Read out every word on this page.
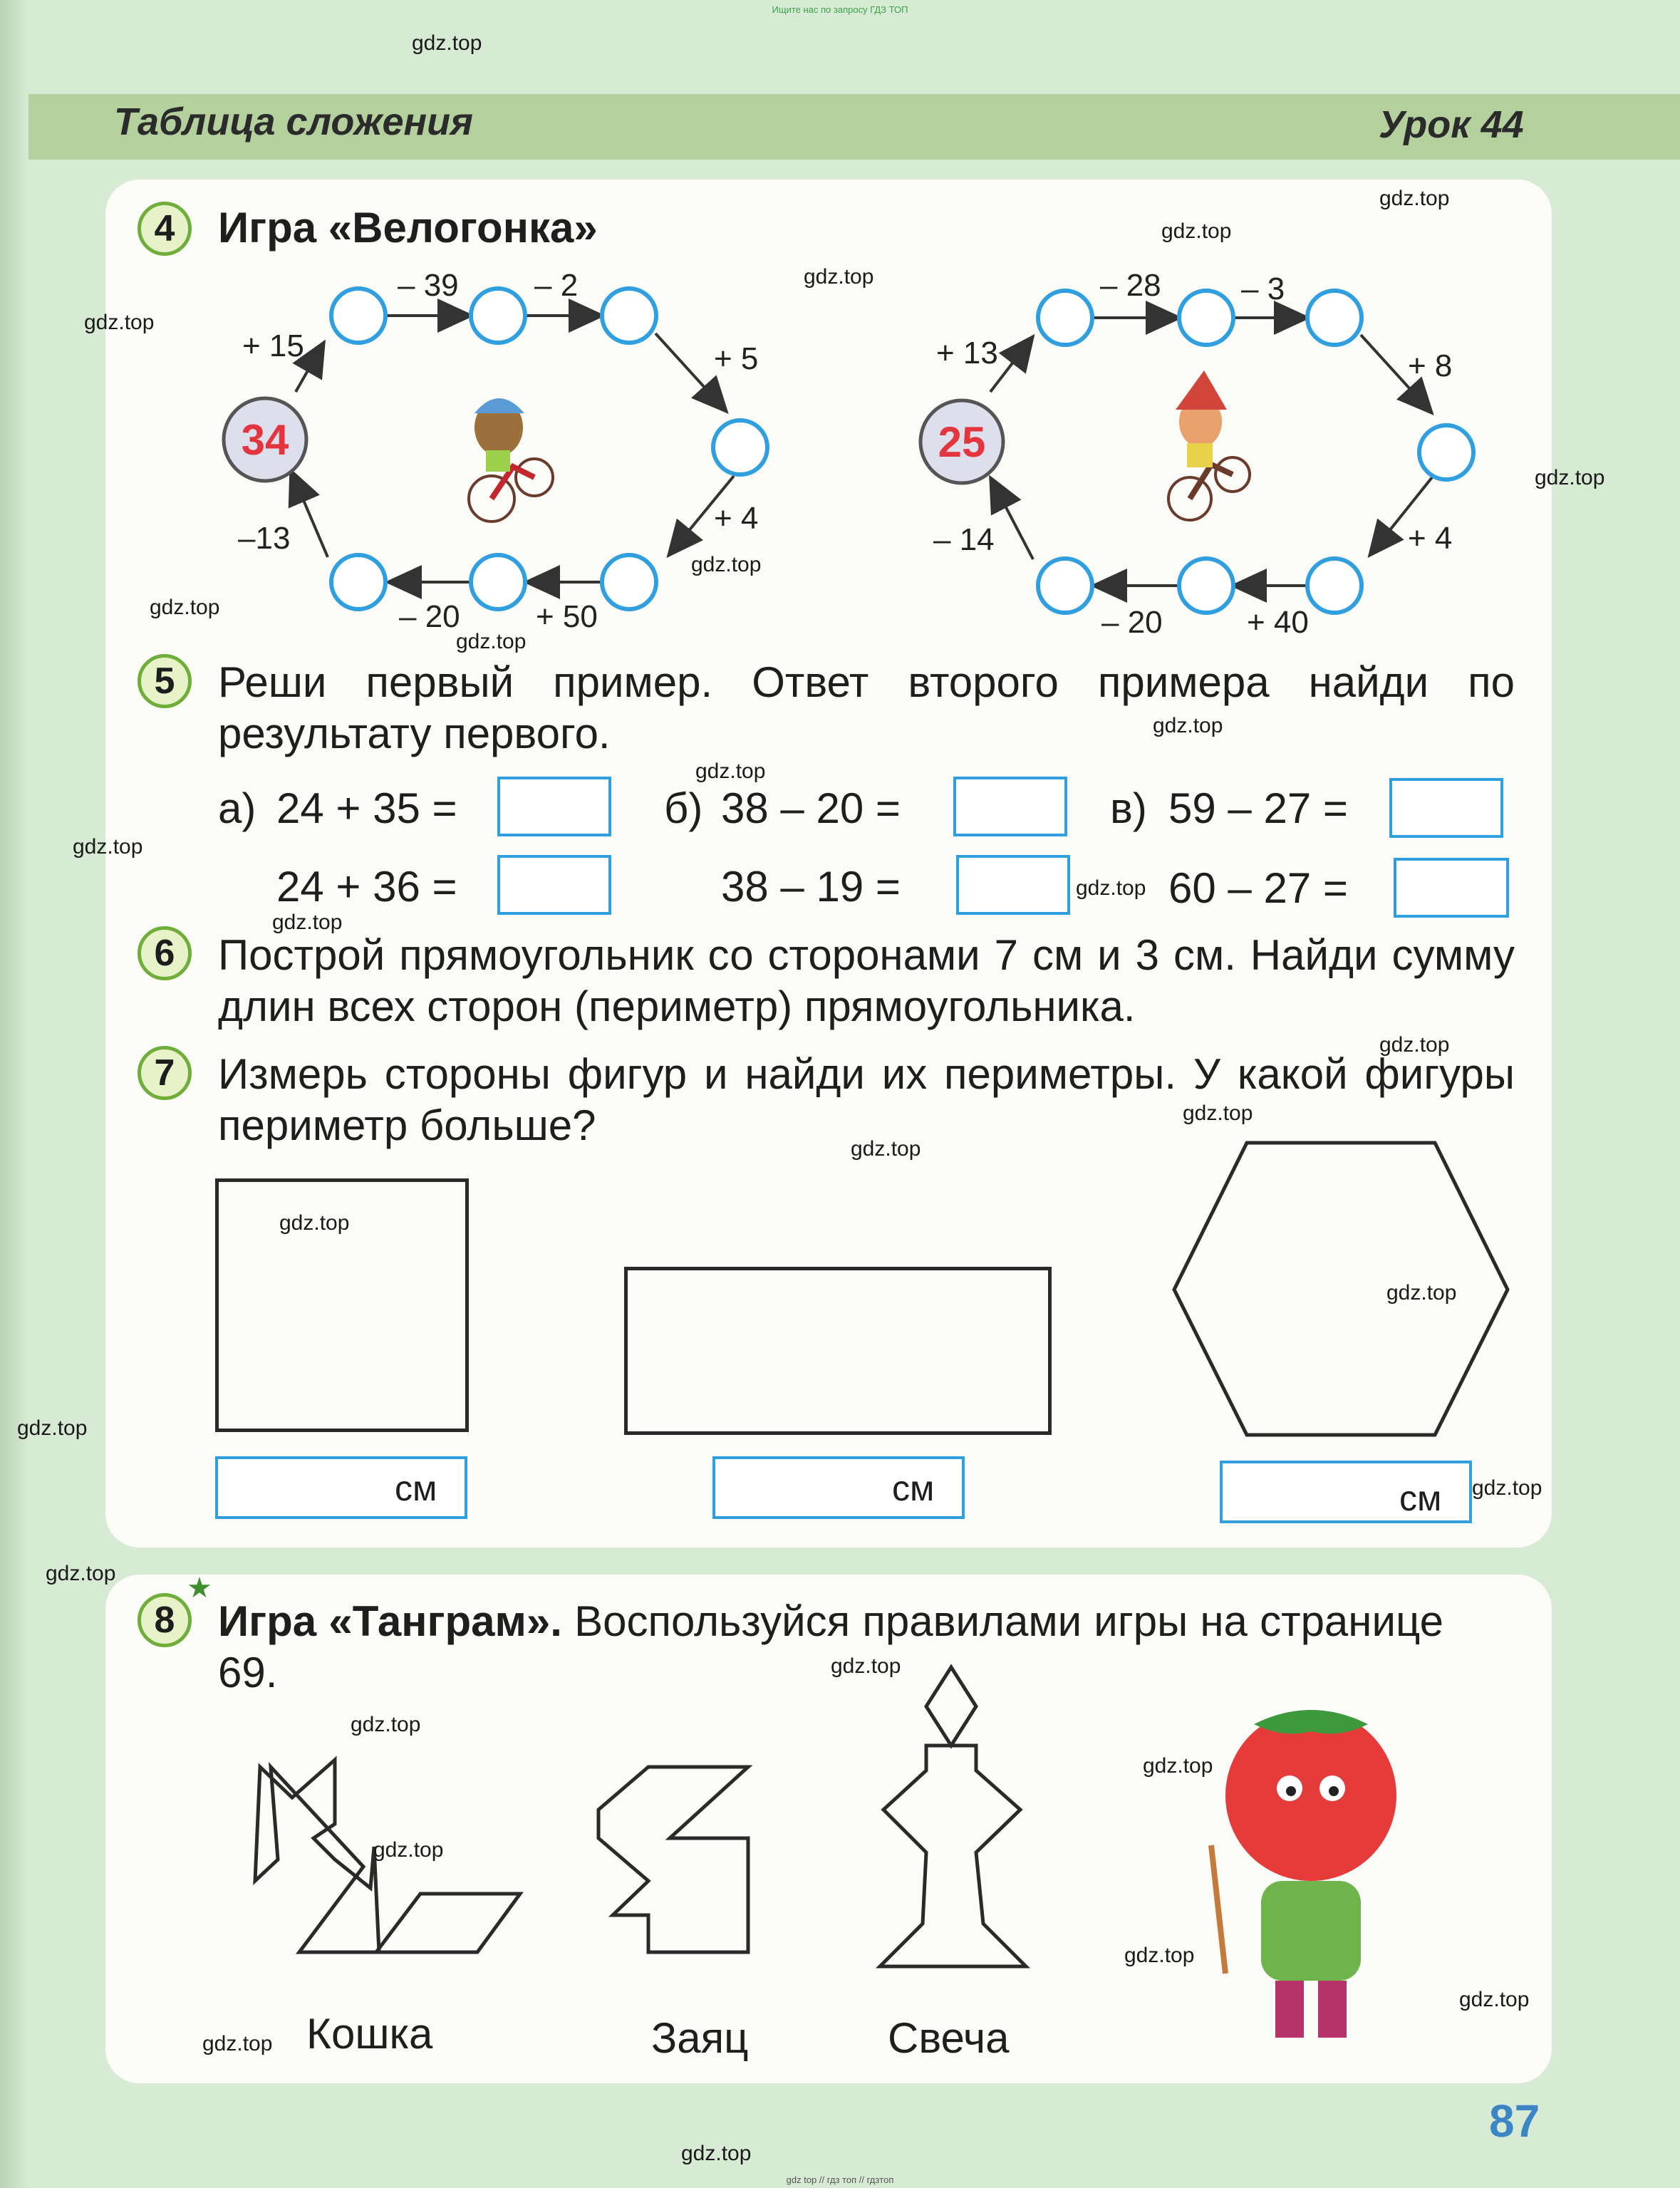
Ищите нас по запросу ГДЗ ТОП
Таблица сложения	Урок 44
4	Игра «Велогонка»
34
+ 15
– 39 – 2
+ 5
+ 4
+ 50
– 20
–13
25
+ 13
– 28	– 3
+ 8
+ 4
+ 40
– 20
– 14
5	Реши первый пример. Ответ второго примера найди по результату первого.
а) 24 + 35 =
24 + 36 =
б) 38 – 20 =
38 – 19 =
в) 59 – 27 =
60 – 27 =
6	Построй прямоугольник со сторонами 7 см и 3 см. Найди сумму длин всех сторон (периметр) прямоугольника.
7	Измерь стороны фигур и найди их периметры. У какой фигуры периметр больше?
см	см	см
8
★
Игра «Танграм». Воспользуйся правилами игры на странице 69.
Кошка	Заяц	Свеча
87
gdz top // гдз топ // гдзтоп
gdz.top
gdz.top
gdz.top
gdz.top
gdz.top
gdz.top
gdz.top
gdz.top
gdz.top
gdz.top
gdz.top
gdz.top
gdz.top
gdz.top
gdz.top
gdz.top
gdz.top
gdz.top
gdz.top
gdz.top
gdz.top
gdz.top
gdz.top
gdz.top
gdz.top
gdz.top
gdz.top
gdz.top
gdz.top
gdz.top
